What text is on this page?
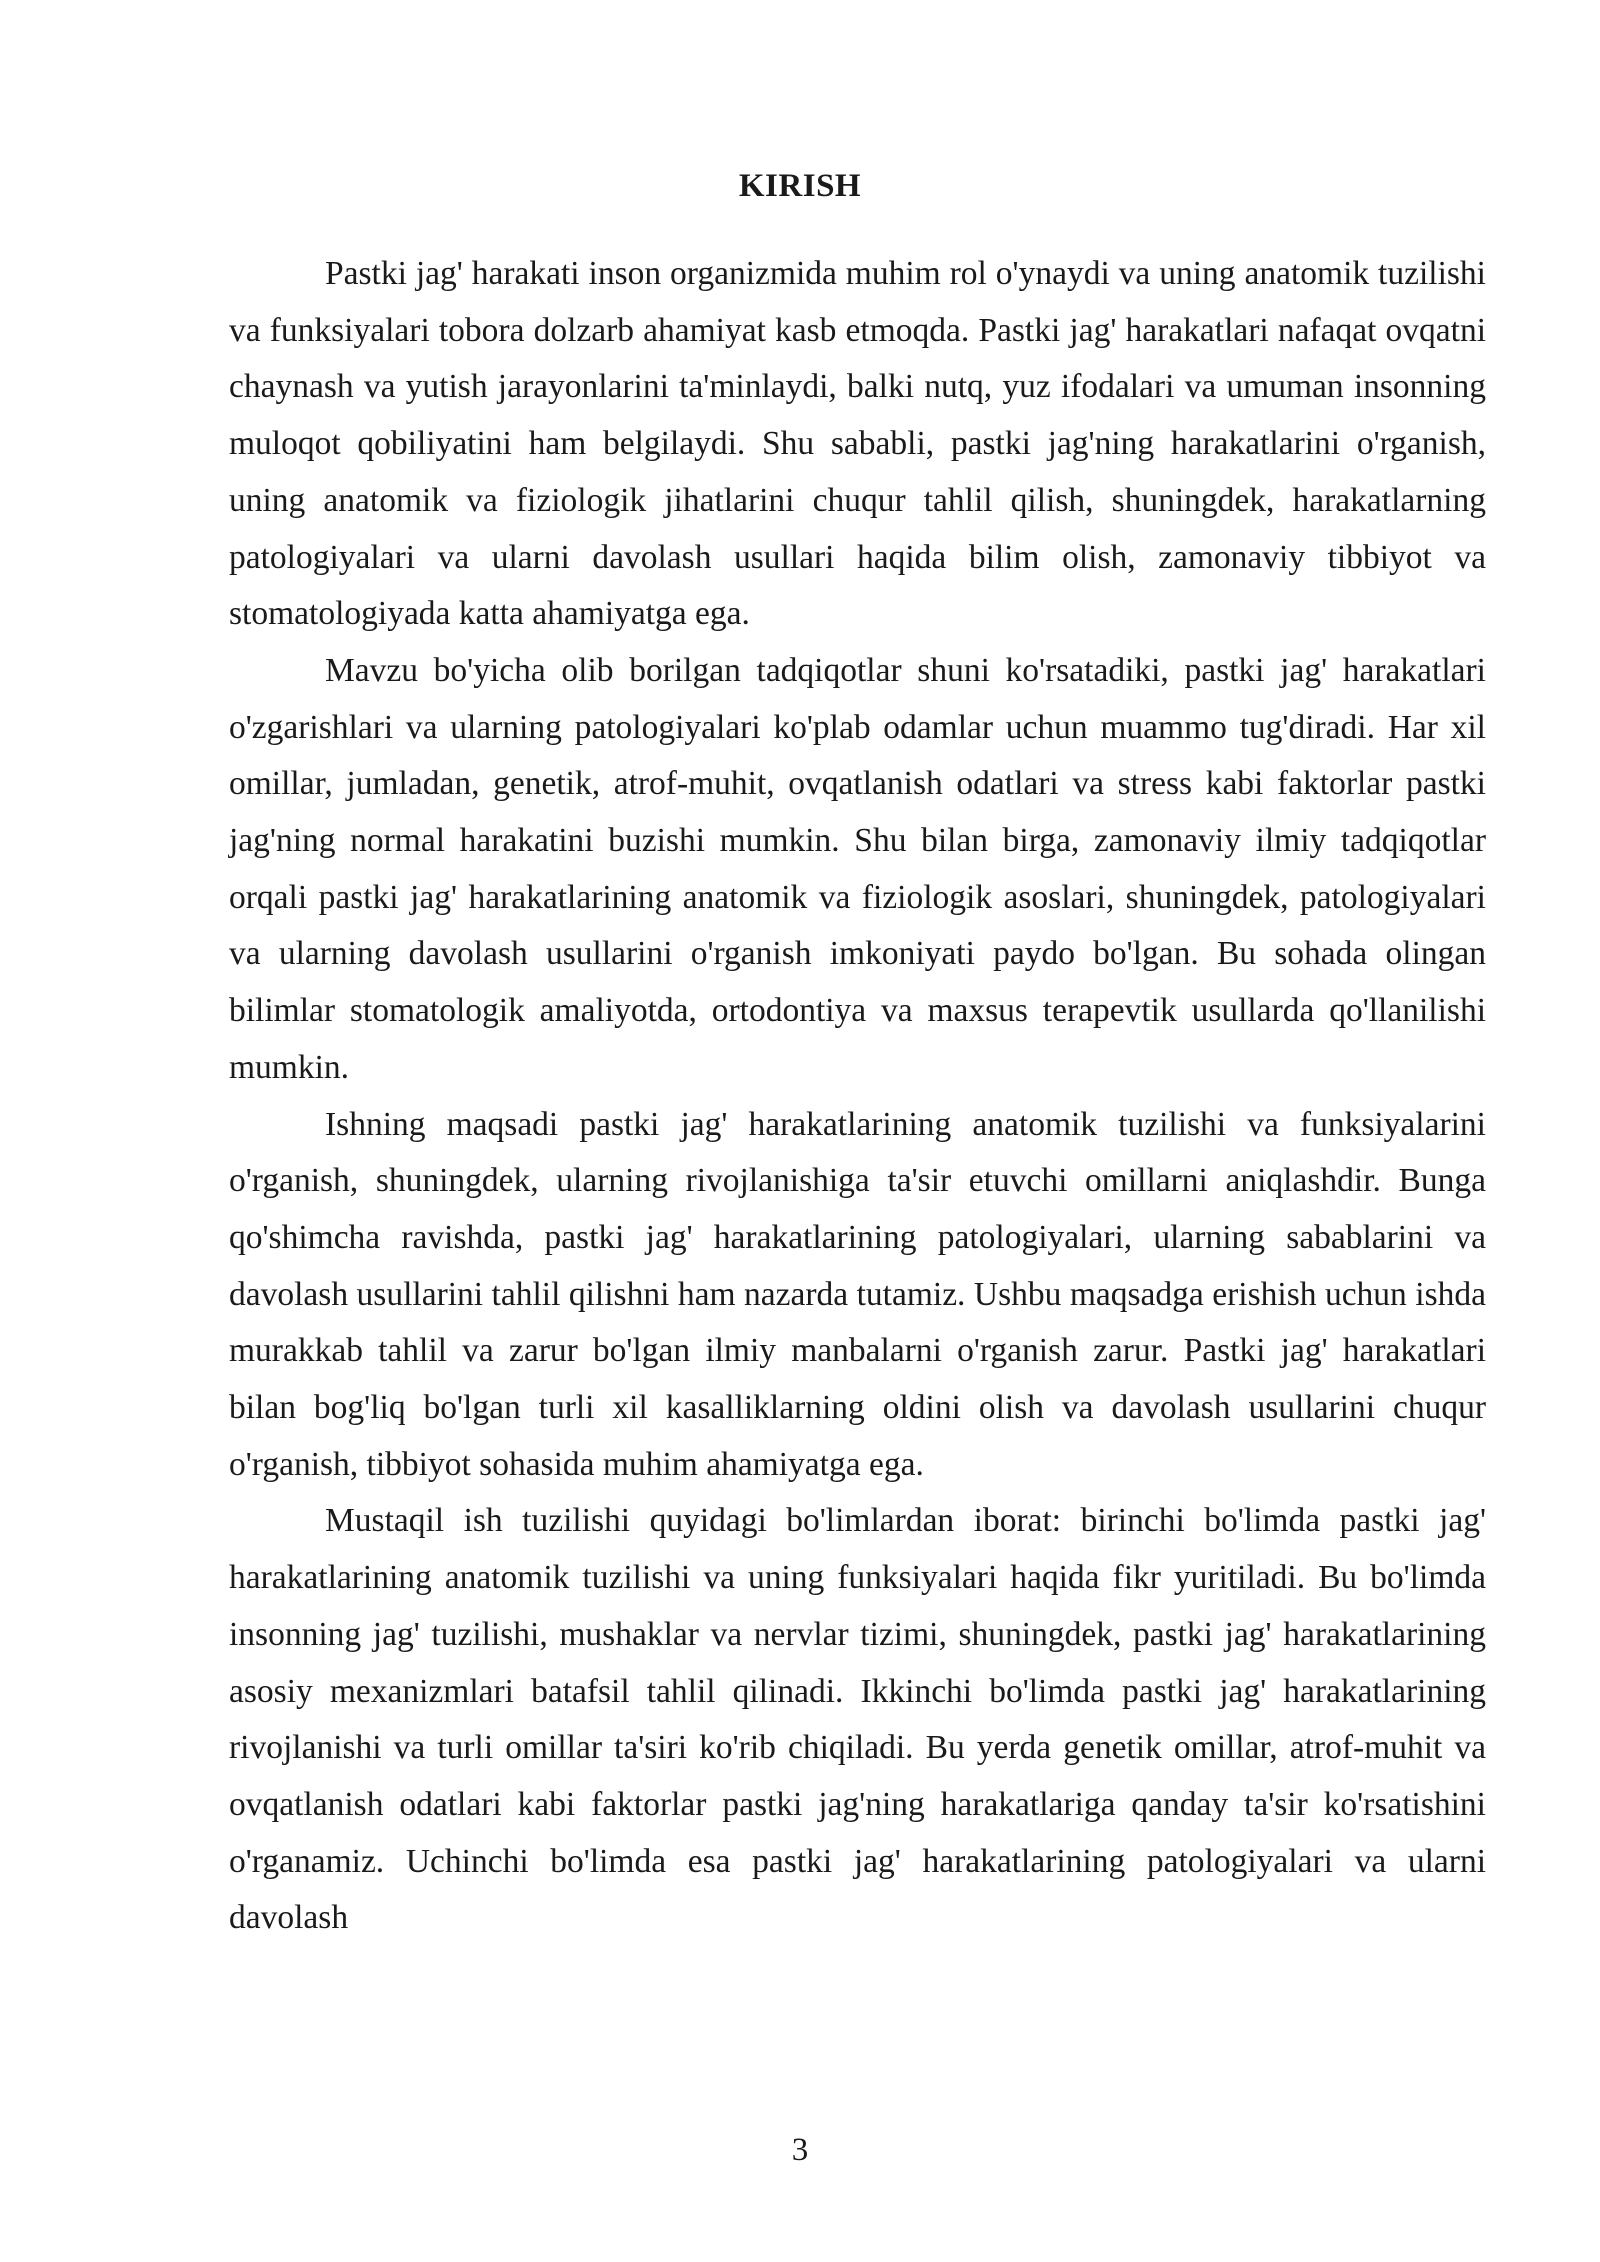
KIRISH

Pastki jag' harakati inson organizmida muhim rol o'ynaydi va uning anatomik tuzilishi va funksiyalari tobora dolzarb ahamiyat kasb etmoqda. Pastki jag' harakatlari nafaqat ovqatni chaynash va yutish jarayonlarini ta'minlaydi, balki nutq, yuz ifodalari va umuman insonning muloqot qobiliyatini ham belgilaydi. Shu sababli, pastki jag'ning harakatlarini o'rganish, uning anatomik va fiziologik jihatlarini chuqur tahlil qilish, shuningdek, harakatlarning patologiyalari va ularni davolash usullari haqida bilim olish, zamonaviy tibbiyot va stomatologiyada katta ahamiyatga ega.

Mavzu bo'yicha olib borilgan tadqiqotlar shuni ko'rsatadiki, pastki jag' harakatlari o'zgarishlari va ularning patologiyalari ko'plab odamlar uchun muammo tug'diradi. Har xil omillar, jumladan, genetik, atrof-muhit, ovqatlanish odatlari va stress kabi faktorlar pastki jag'ning normal harakatini buzishi mumkin. Shu bilan birga, zamonaviy ilmiy tadqiqotlar orqali pastki jag' harakatlarining anatomik va fiziologik asoslari, shuningdek, patologiyalari va ularning davolash usullarini o'rganish imkoniyati paydo bo'lgan. Bu sohada olingan bilimlar stomatologik amaliyotda, ortodontiya va maxsus terapevtik usullarda qo'llanilishi mumkin.

Ishning maqsadi pastki jag' harakatlarining anatomik tuzilishi va funksiyalarini o'rganish, shuningdek, ularning rivojlanishiga ta'sir etuvchi omillarni aniqlashdir. Bunga qo'shimcha ravishda, pastki jag' harakatlarining patologiyalari, ularning sabablarini va davolash usullarini tahlil qilishni ham nazarda tutamiz. Ushbu maqsadga erishish uchun ishda murakkab tahlil va zarur bo'lgan ilmiy manbalarni o'rganish zarur. Pastki jag' harakatlari bilan bog'liq bo'lgan turli xil kasalliklarning oldini olish va davolash usullarini chuqur o'rganish, tibbiyot sohasida muhim ahamiyatga ega.

Mustaqil ish tuzilishi quyidagi bo'limlardan iborat: birinchi bo'limda pastki jag' harakatlarining anatomik tuzilishi va uning funksiyalari haqida fikr yuritiladi. Bu bo'limda insonning jag' tuzilishi, mushaklar va nervlar tizimi, shuningdek, pastki jag' harakatlarining asosiy mexanizmlari batafsil tahlil qilinadi. Ikkinchi bo'limda pastki jag' harakatlarining rivojlanishi va turli omillar ta'siri ko'rib chiqiladi. Bu yerda genetik omillar, atrof-muhit va ovqatlanish odatlari kabi faktorlar pastki jag'ning harakatlariga qanday ta'sir ko'rsatishini o'rganamiz. Uchinchi bo'limda esa pastki jag' harakatlarining patologiyalari va ularni davolash

3
